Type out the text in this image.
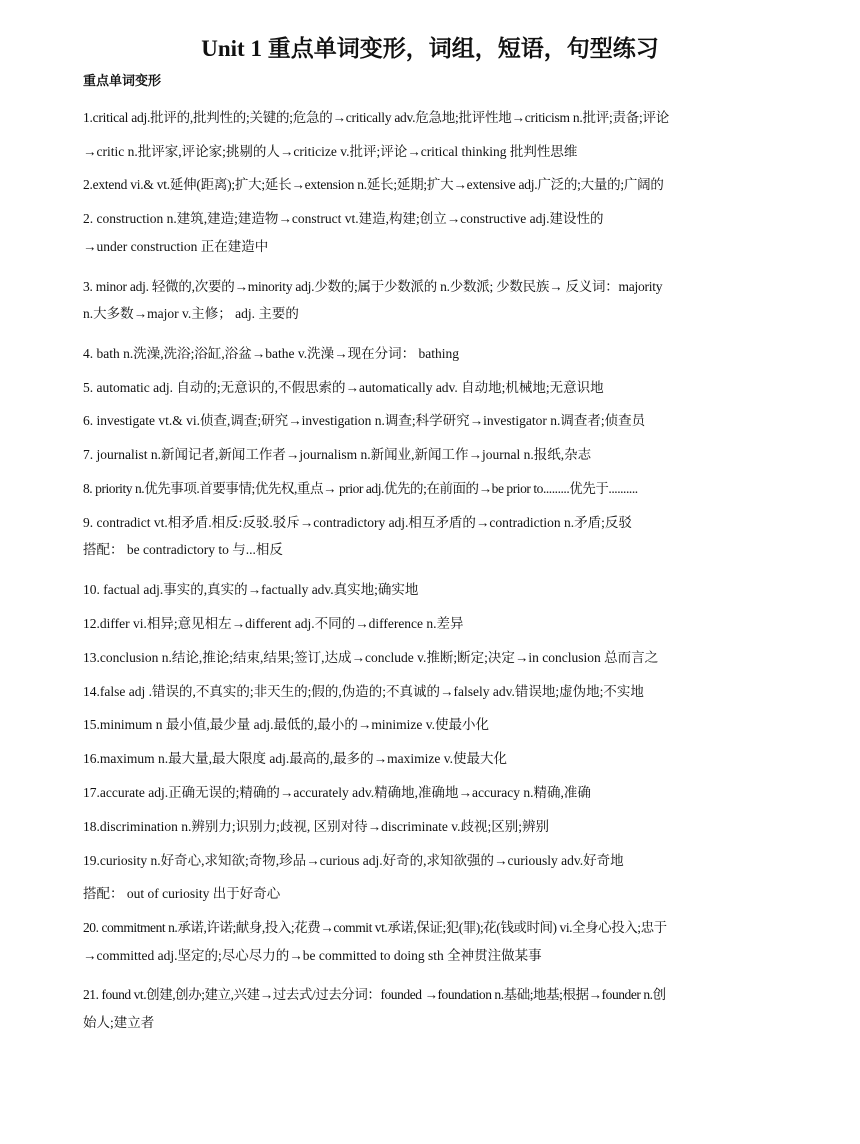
Unit 1 重点单词变形，词组，短语，句型练习
重点单词变形

1.critical adj.批评的,批判性的;关键的;危急的→critically adv.危急地;批评性地→criticism n.批评;责备;评论

→critic n.批评家,评论家;挑剔的人→criticize v.批评;评论→critical thinking 批判性思维

2.extend vi.& vt.延伸(距离);扩大;延长→extension n.延长;延期;扩大→extensive adj.广泛的;大量的;广阔的

2. construction n.建筑,建造;建造物→construct vt.建造,构建;创立→constructive adj.建设性的

→under construction 正在建造中

3. minor adj. 轻微的,次要的→minority adj.少数的;属于少数派的 n.少数派; 少数民族→ 反义词：majority

n.大多数→major v.主修； adj. 主要的

4. bath n.洗澡,洗浴;浴缸,浴盆→bathe v.洗澡→现在分词： bathing

5. automatic adj. 自动的;无意识的,不假思索的→automatically adv. 自动地;机械地;无意识地

6. investigate vt.& vi.侦查,调查;研究→investigation n.调查;科学研究→investigator n.调查者;侦查员

7. journalist n.新闻记者,新闻工作者→journalism n.新闻业,新闻工作→journal n.报纸,杂志

8. priority n.优先事项.首要事情;优先权,重点→ prior adj.优先的;在前面的→be prior to.........优先于..........

9. contradict vt.相矛盾.相反:反驳.驳斥→contradictory adj.相互矛盾的→contradiction n.矛盾;反驳

搭配： be contradictory to 与...相反

10. factual adj.事实的,真实的→factually adv.真实地;确实地

12.differ vi.相异;意见相左→different adj.不同的→difference n.差异

13.conclusion n.结论,推论;结束,结果;签订,达成→conclude v.推断;断定;决定→in conclusion 总而言之

14.false adj .错误的,不真实的;非天生的;假的,伪造的;不真诚的→falsely adv.错误地;虚伪地;不实地

15.minimum n 最小值,最少量 adj.最低的,最小的→minimize v.使最小化

16.maximum n.最大量,最大限度 adj.最高的,最多的→maximize v.使最大化

17.accurate adj.正确无误的;精确的→accurately adv.精确地,准确地→accuracy n.精确,准确

18.discrimination n.辨别力;识别力;歧视, 区别对待→discriminate v.歧视;区别;辨别

19.curiosity n.好奇心,求知欲;奇物,珍品→curious adj.好奇的,求知欲强的→curiously adv.好奇地

搭配： out of curiosity 出于好奇心

20. commitment n.承诺,许诺;献身,投入;花费→commit vt.承诺,保证;犯(罪);花(钱或时间) vi.全身心投入;忠于

→committed adj.坚定的;尽心尽力的→be committed to doing sth 全神贯注做某事

21. found vt.创建,创办;建立,兴建→过去式/过去分词：founded →foundation n.基础;地基;根据→founder n.创

始人;建立者
